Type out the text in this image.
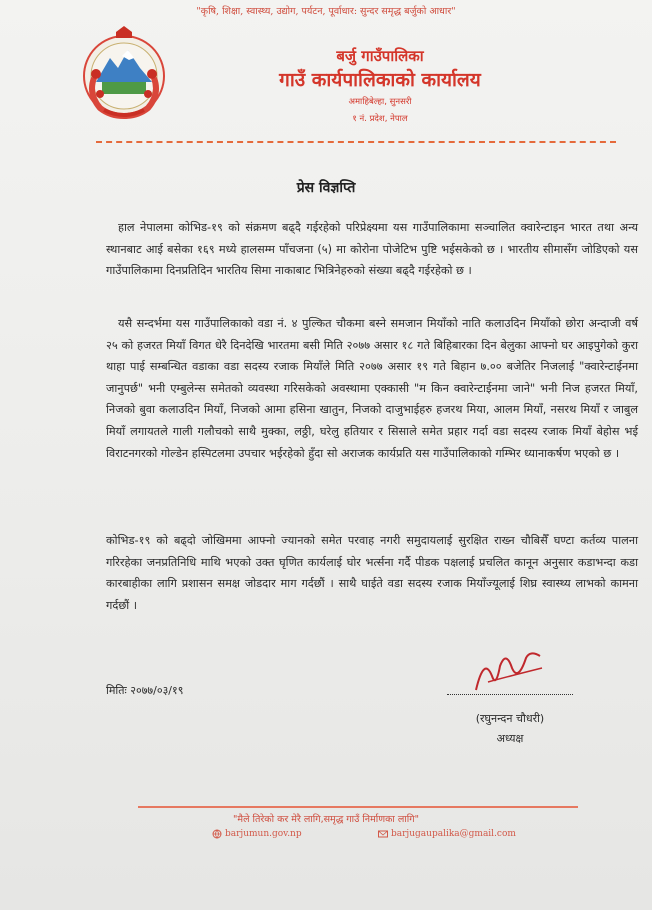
"कृषि, शिक्षा, स्वास्थ्य, उद्योग, पर्यटन, पूर्वाधार: सुन्दर समृद्ध बर्जुको आधार"
बर्जु गाउँपालिका
गाउँ कार्यपालिकाको कार्यालय
अमाहिबेल्हा, सुनसरी
१ नं. प्रदेश, नेपाल
प्रेस विज्ञप्ति

हाल नेपालमा कोभिड-१९ को संक्रमण बढ्दै गईरहेको परिप्रेक्ष्यमा यस गाउँपालिकामा सञ्चालित क्वारेन्टाइन भारत तथा अन्य स्थानबाट आई बसेका १६९ मध्ये हालसम्म पाँचजना (५) मा कोरोना पोजेटिभ पुष्टि भईसकेको छ । भारतीय सीमासँग जोडिएको यस गाउँपालिकामा दिनप्रतिदिन भारतिय सिमा नाकाबाट भित्रिनेहरुको संख्या बढ्दै गईरहेको छ ।

यसै सन्दर्भमा यस गाउँपालिकाको वडा नं. ४ पुल्कित चौकमा बस्ने समजान मियाँको नाति कलाउदिन मियाँको छोरा अन्दाजी वर्ष २५ को हजरत मियाँ विगत धेरै दिनदेखि भारतमा बसी मिति २०७७ असार १८ गते बिहिबारका दिन बेलुका आफ्नो घर आइपुगेको कुरा थाहा पाई सम्बन्धित वडाका वडा सदस्य रजाक मियाँले मिति २०७७ असार १९ गते बिहान ७.०० बजेतिर निजलाई "क्वारेन्टाईनमा जानुपर्छ" भनी एम्बुलेन्स समेतको व्यवस्था गरिसकेको अवस्थामा एक्कासी "म किन क्वारेन्टाईनमा जाने" भनी निज हजरत मियाँ, निजको बुवा कलाउदिन मियाँ, निजको आमा हसिना खातुन, निजको दाजुभाईहरु हजरथ मिया, आलम मियाँ, नसरथ मियाँ र जाबुल मियाँ लगायतले गाली गलौचको साथै मुक्का, लठ्ठी, घरेलु हतियार र सिसाले समेत प्रहार गर्दा वडा सदस्य रजाक मियाँ बेहोस भई विराटनगरको गोल्डेन हस्पिटलमा उपचार भईरहेको हुँदा सो अराजक कार्यप्रति यस गाउँपालिकाको गम्भिर ध्यानाकर्षण भएको छ ।

कोभिड-१९ को बढ्दो जोखिममा आफ्नो ज्यानको समेत परवाह नगरी समुदायलाई सुरक्षित राख्न चौबिसैँ घण्टा कर्तव्य पालना गरिरहेका जनप्रतिनिधि माथि भएको उक्त घृणित कार्यलाई घोर भर्त्सना गर्दै पीडक पक्षलाई प्रचलित कानून अनुसार कडाभन्दा कडा कारबाहीका लागि प्रशासन समक्ष जोडदार माग गर्दछौं । साथै घाईते वडा सदस्य रजाक मियाँज्यूलाई शिघ्र स्वास्थ्य लाभको कामना गर्दछौं ।

मितिः २०७७/०३/१९
(रघुनन्दन चौधरी)
अध्यक्ष
"मैले तिरेको कर मेरै लागि,समृद्ध गाउँ निर्माणका लागि"
barjumun.gov.np	barjugaupalika@gmail.com
